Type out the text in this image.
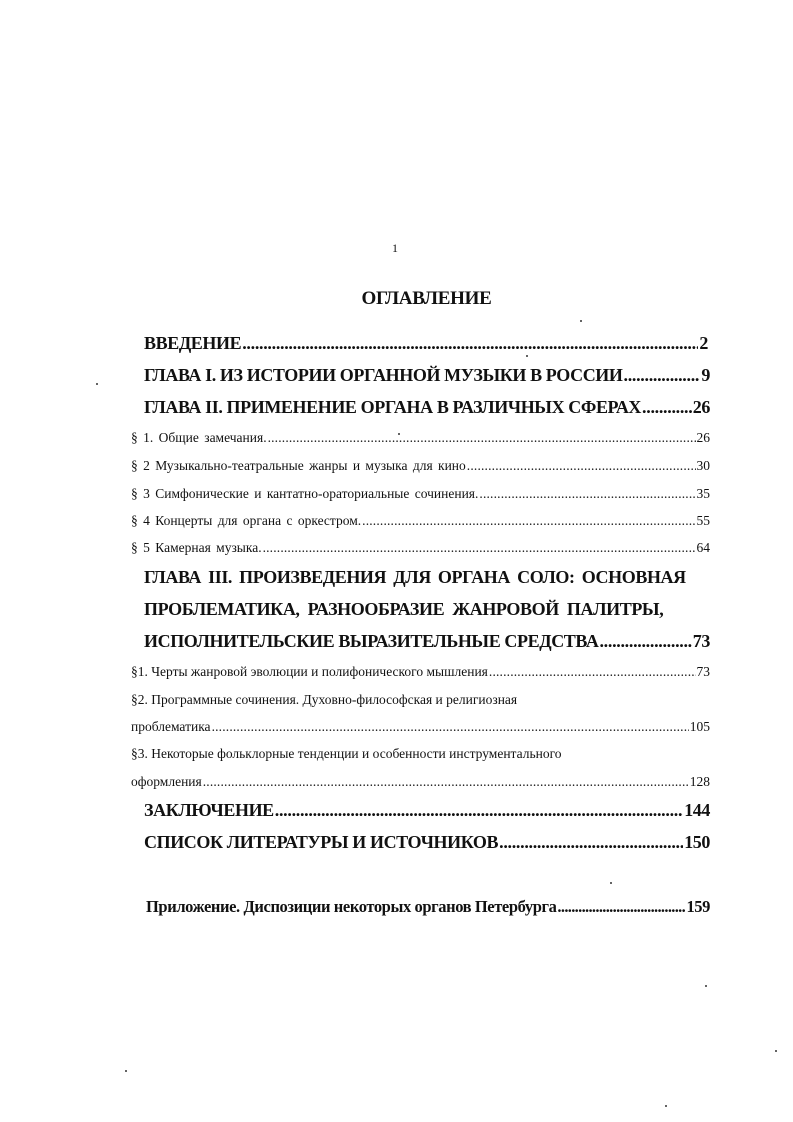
1
ОГЛАВЛЕНИЕ
ВВЕДЕНИЕ . . .	2
ГЛАВА I. ИЗ ИСТОРИИ ОРГАННОЙ МУЗЫКИ В РОССИИ . . .	9
ГЛАВА II. ПРИМЕНЕНИЕ ОРГАНА В РАЗЛИЧНЫХ СФЕРАХ . . .	26
§ 1. Общие замечания. . . .	26
§ 2 Музыкально-театральные жанры и музыка для кино . . .	30
§ 3 Симфонические и кантатно-ораториальные сочинения. . . .	35
§ 4 Концерты для органа с оркестром. . . .	55
§ 5 Камерная музыка. . . .	64
ГЛАВА III. ПРОИЗВЕДЕНИЯ ДЛЯ ОРГАНА СОЛО: ОСНОВНАЯ
ПРОБЛЕМАТИКА, РАЗНООБРАЗИЕ ЖАНРОВОЙ ПАЛИТРЫ,
ИСПОЛНИТЕЛЬСКИЕ ВЫРАЗИТЕЛЬНЫЕ СРЕДСТВА . . .	73
§1. Черты жанровой эволюции и полифонического мышления . . .	73
§2. Программные сочинения. Духовно-философская и религиозная
проблематика . . .	105
§3. Некоторые фольклорные тенденции и особенности инструментального
оформления . . .	128
ЗАКЛЮЧЕНИЕ . . .	144
СПИСОК ЛИТЕРАТУРЫ И ИСТОЧНИКОВ . . .	150
Приложение. Диспозиции некоторых органов Петербурга . . .	159
